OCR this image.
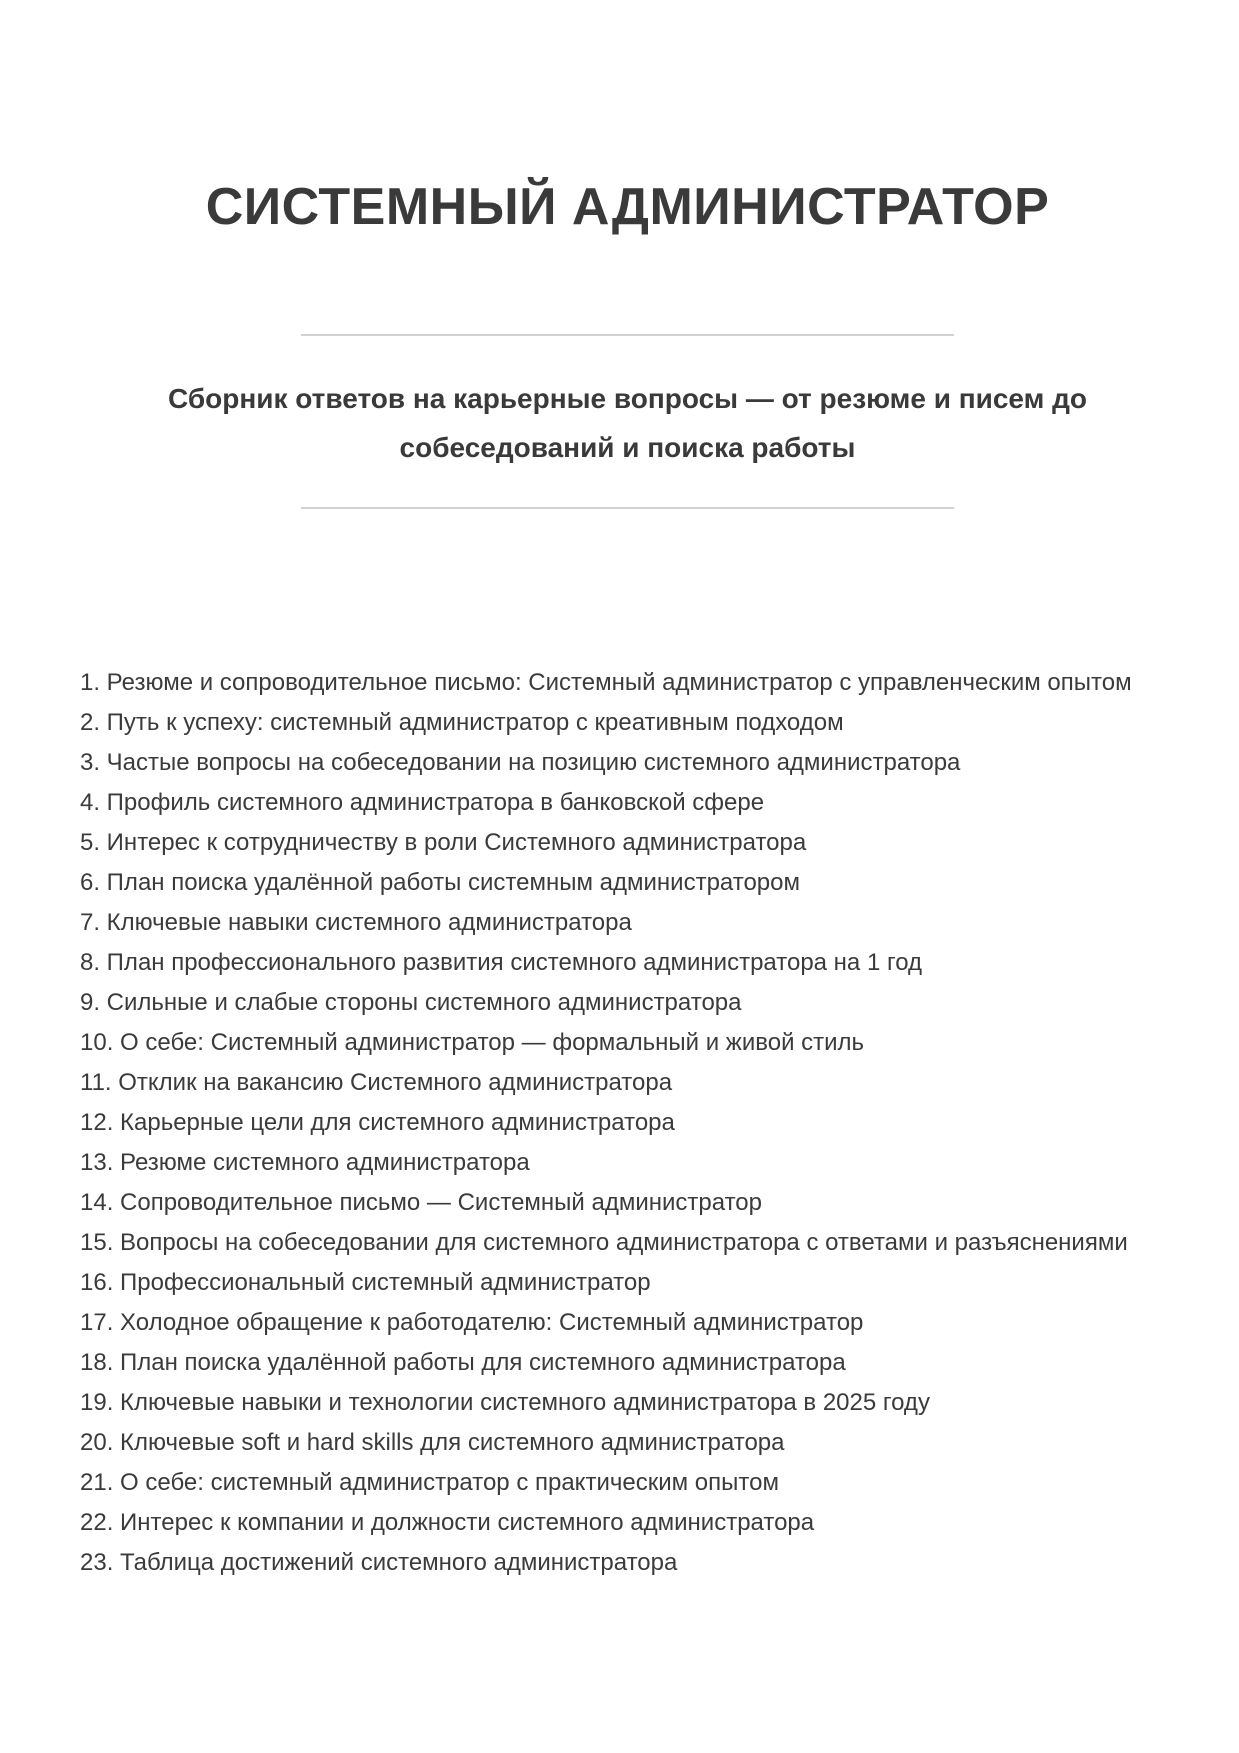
СИСТЕМНЫЙ АДМИНИСТРАТОР
Сборник ответов на карьерные вопросы — от резюме и писем до собеседований и поиска работы
1. Резюме и сопроводительное письмо: Системный администратор с управленческим опытом
2. Путь к успеху: системный администратор с креативным подходом
3. Частые вопросы на собеседовании на позицию системного администратора
4. Профиль системного администратора в банковской сфере
5. Интерес к сотрудничеству в роли Системного администратора
6. План поиска удалённой работы системным администратором
7. Ключевые навыки системного администратора
8. План профессионального развития системного администратора на 1 год
9. Сильные и слабые стороны системного администратора
10. О себе: Системный администратор — формальный и живой стиль
11. Отклик на вакансию Системного администратора
12. Карьерные цели для системного администратора
13. Резюме системного администратора
14. Сопроводительное письмо — Системный администратор
15. Вопросы на собеседовании для системного администратора с ответами и разъяснениями
16. Профессиональный системный администратор
17. Холодное обращение к работодателю: Системный администратор
18. План поиска удалённой работы для системного администратора
19. Ключевые навыки и технологии системного администратора в 2025 году
20. Ключевые soft и hard skills для системного администратора
21. О себе: системный администратор с практическим опытом
22. Интерес к компании и должности системного администратора
23. Таблица достижений системного администратора
